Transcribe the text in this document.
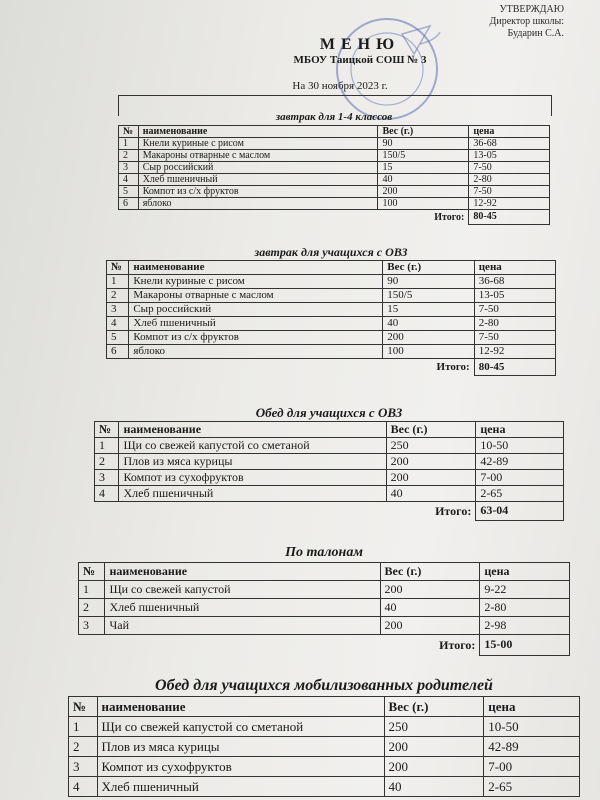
УТВЕРЖДАЮ
Директор школы:
Бударин С.А.
МЕНЮ
МБОУ Таицкой СОШ № 3
На 30 ноября 2023 г.
завтрак для 1-4 классов
№	наименование	Вес (г.)	цена
1	Кнели куриные с рисом	90	36-68
2	Макароны отварные с маслом	150/5	13-05
3	Сыр российский	15	7-50
4	Хлеб пшеничный	40	2-80
5	Компот из с/х фруктов	200	7-50
6	яблоко	100	12-92
Итого:			80-45
завтрак для учащихся с ОВЗ
№	наименование	Вес (г.)	цена
1	Кнели куриные с рисом	90	36-68
2	Макароны отварные с маслом	150/5	13-05
3	Сыр российский	15	7-50
4	Хлеб пшеничный	40	2-80
5	Компот из с/х фруктов	200	7-50
6	яблоко	100	12-92
Итого:			80-45
Обед для учащихся с ОВЗ
№	наименование	Вес (г.)	цена
1	Щи со свежей капустой со сметаной	250	10-50
2	Плов из мяса курицы	200	42-89
3	Компот из сухофруктов	200	7-00
4	Хлеб пшеничный	40	2-65
Итого:			63-04
По талонам
№	наименование	Вес (г.)	цена
1	Щи со свежей капустой	200	9-22
2	Хлеб пшеничный	40	2-80
3	Чай	200	2-98
Итого:			15-00
Обед для учащихся мобилизованных родителей
№	наименование	Вес (г.)	цена
1	Щи со свежей капустой со сметаной	250	10-50
2	Плов из мяса курицы	200	42-89
3	Компот из сухофруктов	200	7-00
4	Хлеб пшеничный	40	2-65
